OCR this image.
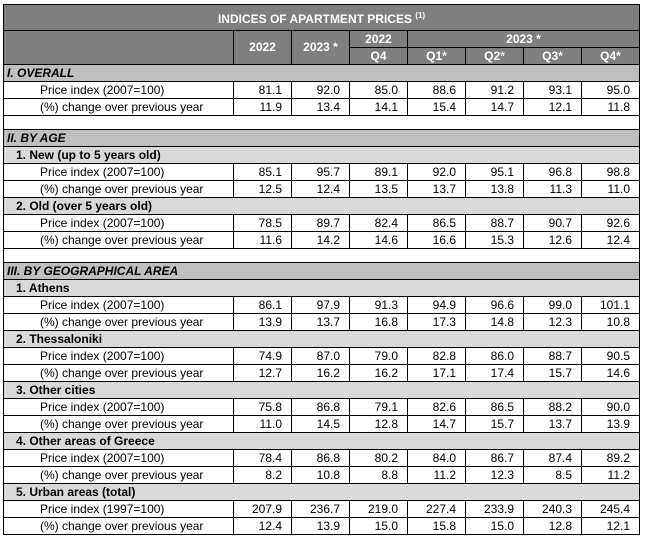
INDICES OF APARTMENT PRICES $^{(1)}$
	2022	2023 *	2022	2023 *			
			Q4	Q1*	Q2*	Q3*	Q4*
I. OVERALL							
Price index (2007=100)	81.1	92.0	85.0	88.6	91.2	93.1	95.0
(%) change over previous year	11.9	13.4	14.1	15.4	14.7	12.1	11.8

II. BY AGE							
1. New (up to 5 years old)							
Price index (2007=100)	85.1	95.7	89.1	92.0	95.1	96.8	98.8
(%) change over previous year	12.5	12.4	13.5	13.7	13.8	11.3	11.0
2. Old (over 5 years old)							
Price index (2007=100)	78.5	89.7	82.4	86.5	88.7	90.7	92.6
(%) change over previous year	11.6	14.2	14.6	16.6	15.3	12.6	12.4

III. BY GEOGRAPHICAL AREA							
1. Athens							
Price index (2007=100)	86.1	97.9	91.3	94.9	96.6	99.0	101.1
(%) change over previous year	13.9	13.7	16.8	17.3	14.8	12.3	10.8
2. Thessaloniki							
Price index (2007=100)	74.9	87.0	79.0	82.8	86.0	88.7	90.5
(%) change over previous year	12.7	16.2	16.2	17.1	17.4	15.7	14.6
3. Other cities							
Price index (2007=100)	75.8	86.8	79.1	82.6	86.5	88.2	90.0
(%) change over previous year	11.0	14.5	12.8	14.7	15.7	13.7	13.9
4. Other areas of Greece							
Price index (2007=100)	78.4	86.8	80.2	84.0	86.7	87.4	89.2
(%) change over previous year	8.2	10.8	8.8	11.2	12.3	8.5	11.2
5. Urban areas (total)							
Price index (1997=100)	207.9	236.7	219.0	227.4	233.9	240.3	245.4
(%) change over previous year	12.4	13.9	15.0	15.8	15.0	12.8	12.1
